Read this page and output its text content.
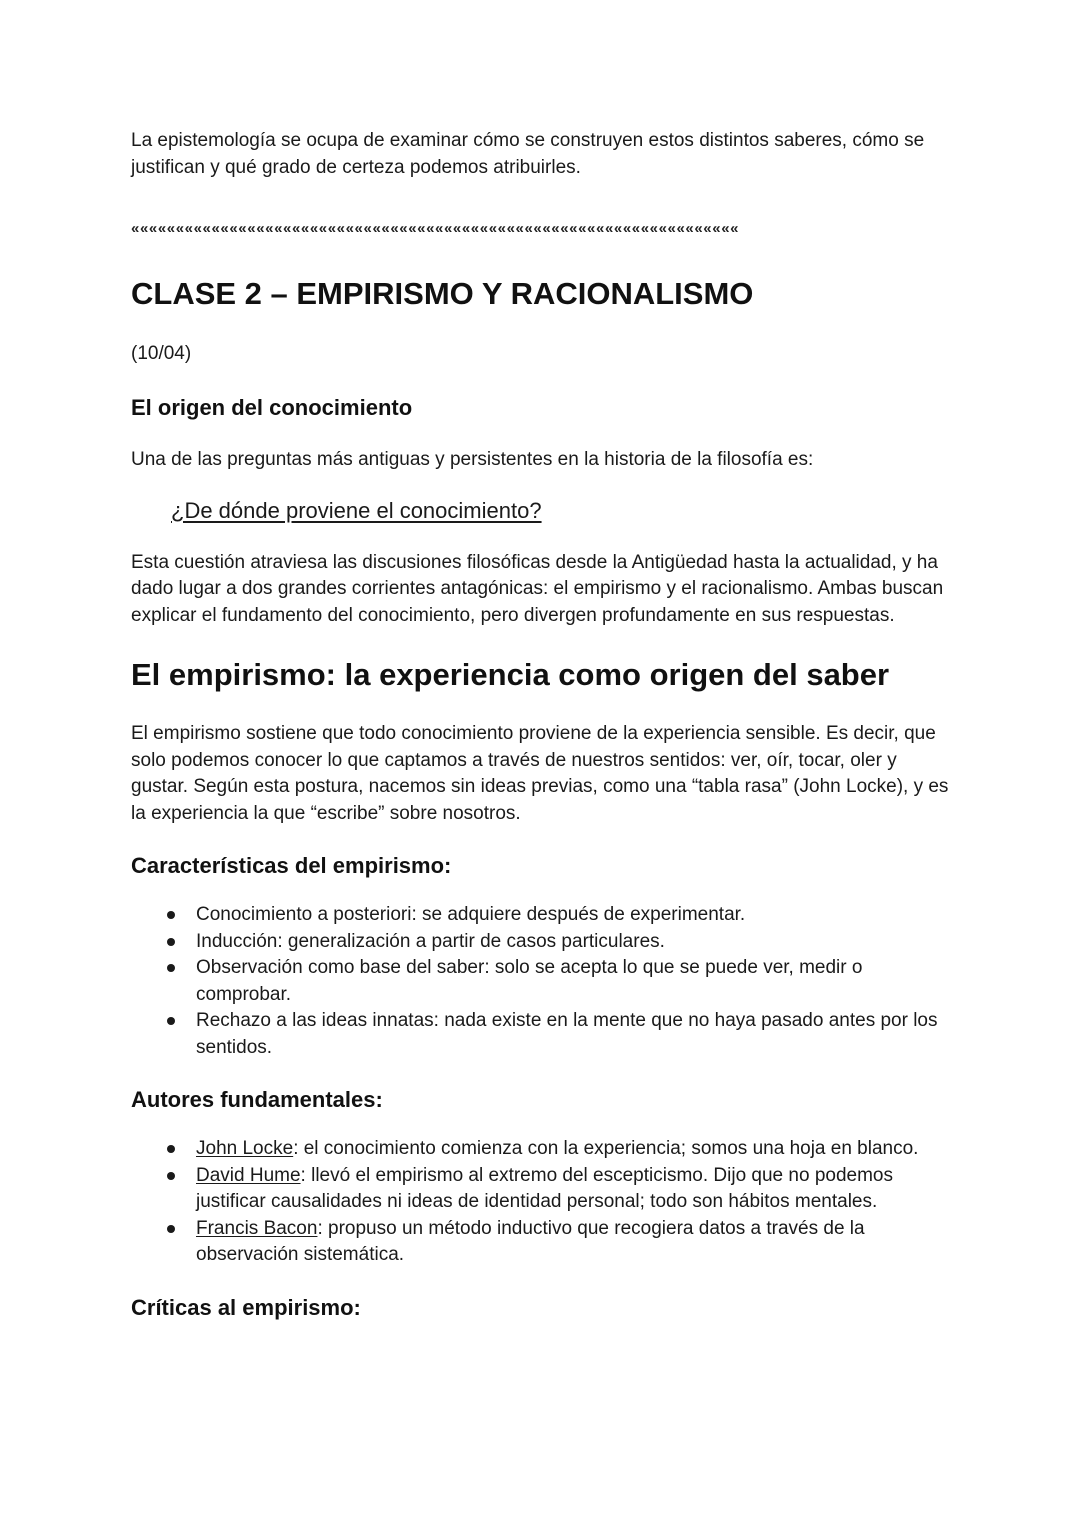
La epistemología se ocupa de examinar cómo se construyen estos distintos saberes, cómo se justifican y qué grado de certeza podemos atribuirles.

««««««««««««««««««««««««««««««««««««««««««««««««««««««««««««««««««««
CLASE 2 – EMPIRISMO Y RACIONALISMO
(10/04)
El origen del conocimiento

Una de las preguntas más antiguas y persistentes en la historia de la filosofía es:

¿De dónde proviene el conocimiento?

Esta cuestión atraviesa las discusiones filosóficas desde la Antigüedad hasta la actualidad, y ha dado lugar a dos grandes corrientes antagónicas: el empirismo y el racionalismo. Ambas buscan explicar el fundamento del conocimiento, pero divergen profundamente en sus respuestas.

El empirismo: la experiencia como origen del saber

El empirismo sostiene que todo conocimiento proviene de la experiencia sensible. Es decir, que solo podemos conocer lo que captamos a través de nuestros sentidos: ver, oír, tocar, oler y gustar. Según esta postura, nacemos sin ideas previas, como una “tabla rasa” (John Locke), y es la experiencia la que “escribe” sobre nosotros.

Características del empirismo:
Conocimiento a posteriori: se adquiere después de experimentar.
Inducción: generalización a partir de casos particulares.
Observación como base del saber: solo se acepta lo que se puede ver, medir o comprobar.
Rechazo a las ideas innatas: nada existe en la mente que no haya pasado antes por los sentidos.
Autores fundamentales:
John Locke: el conocimiento comienza con la experiencia; somos una hoja en blanco.
David Hume: llevó el empirismo al extremo del escepticismo. Dijo que no podemos justificar causalidades ni ideas de identidad personal; todo son hábitos mentales.
Francis Bacon: propuso un método inductivo que recogiera datos a través de la observación sistemática.
Críticas al empirismo:
